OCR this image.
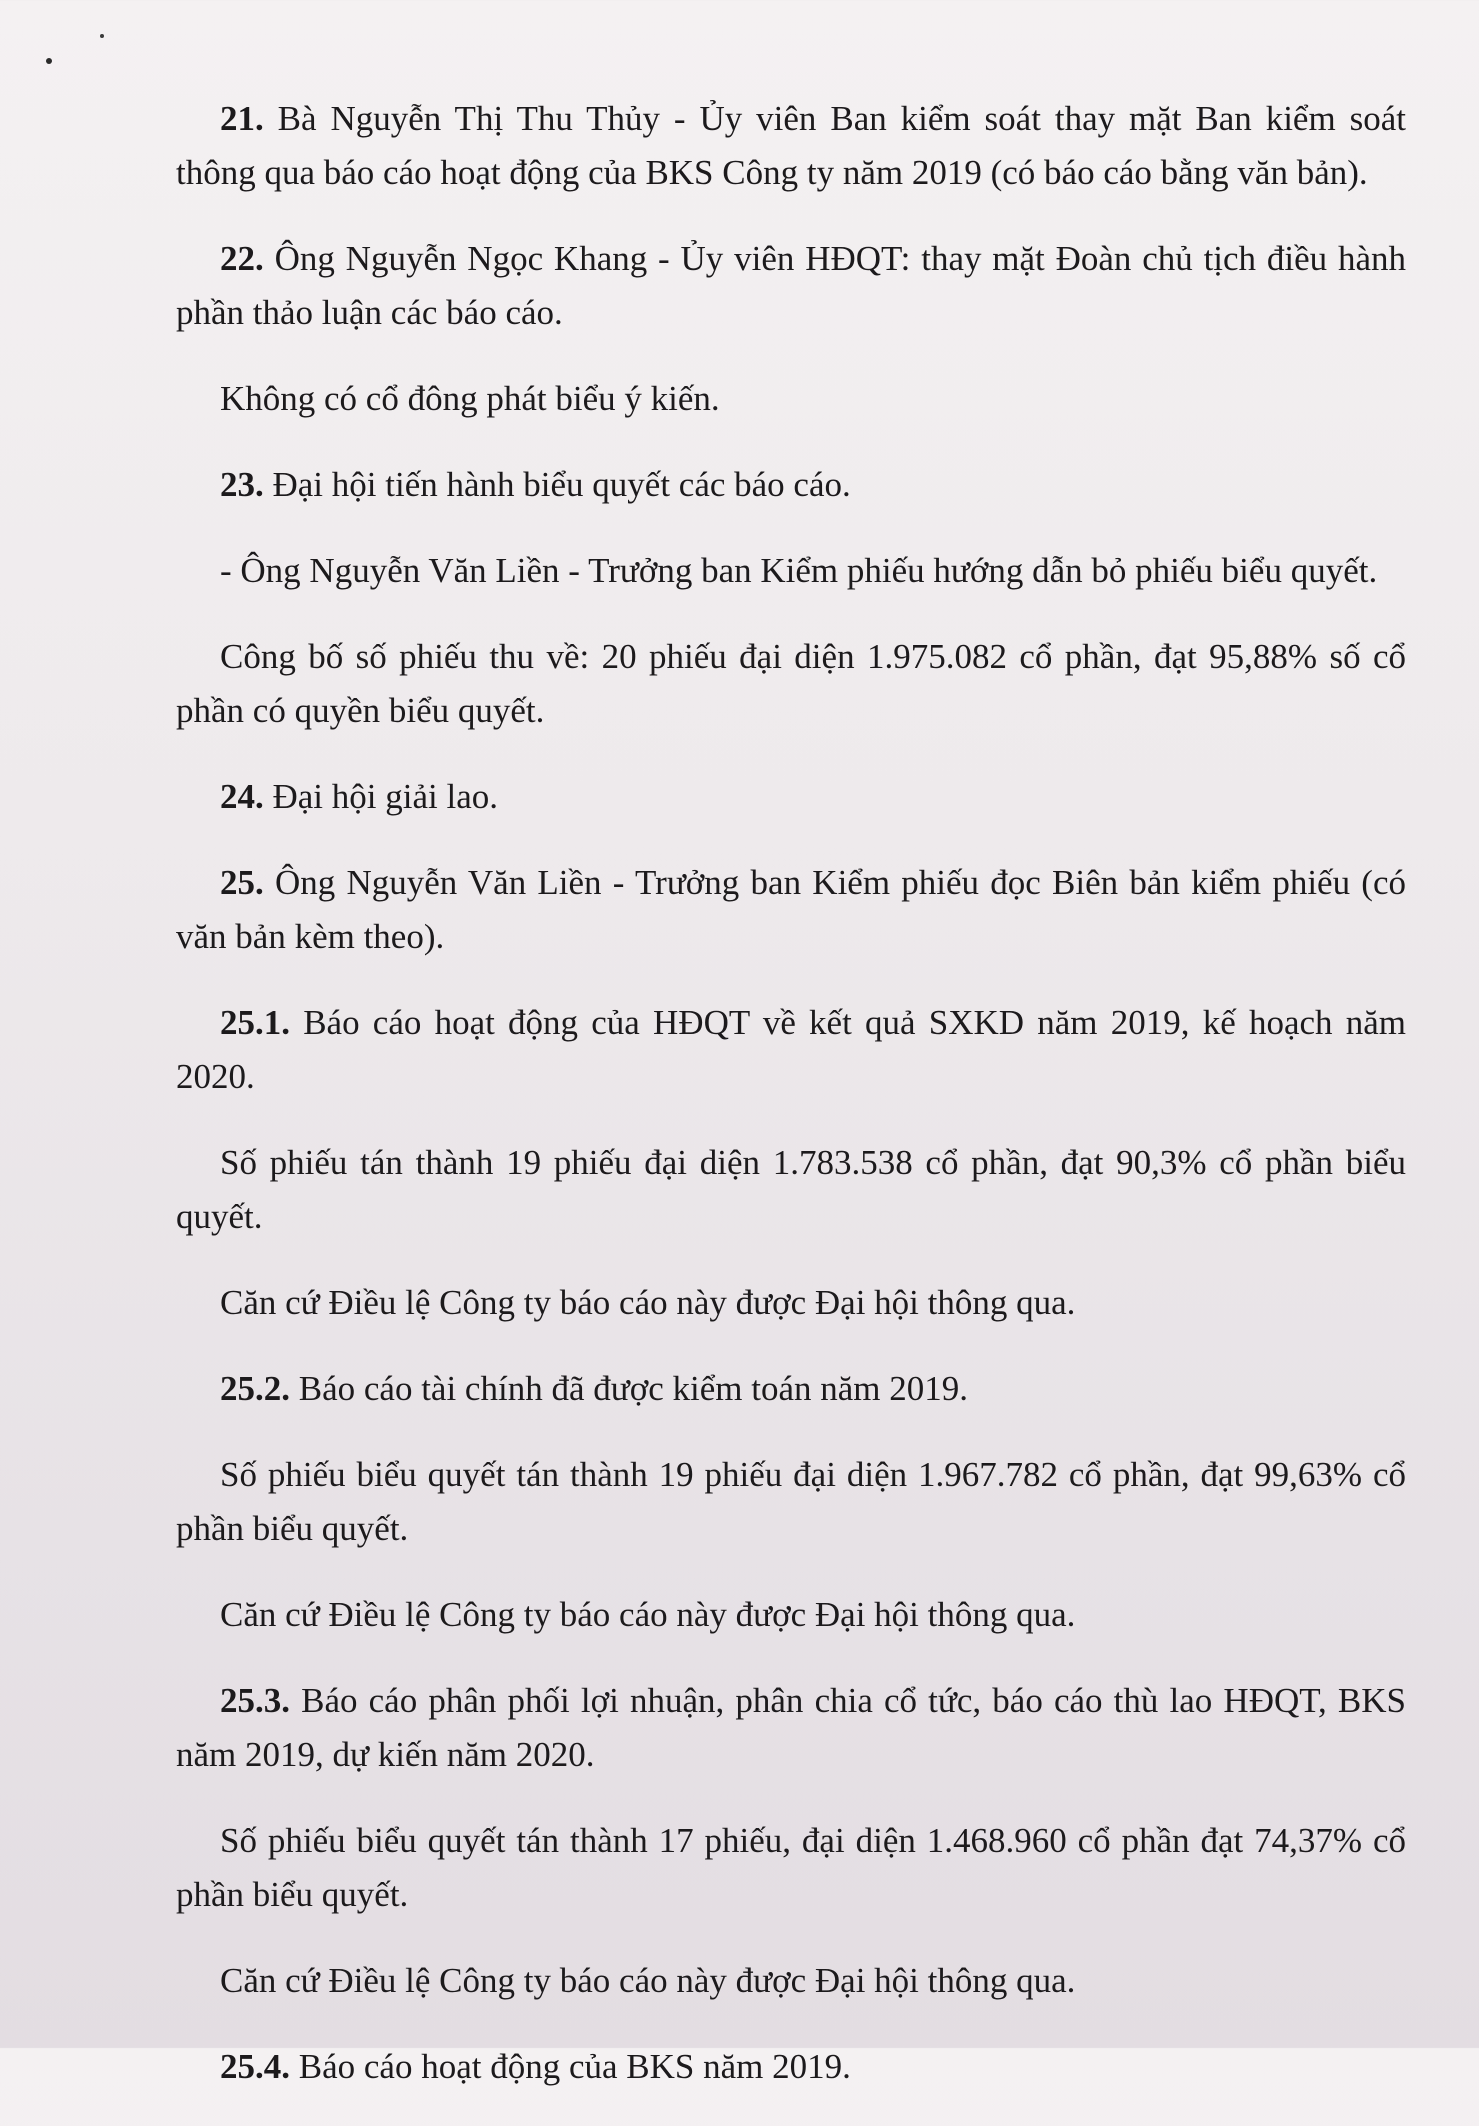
21. Bà Nguyễn Thị Thu Thủy - Ủy viên Ban kiểm soát thay mặt Ban kiểm soát thông qua báo cáo hoạt động của BKS Công ty năm 2019 (có báo cáo bằng văn bản).

22. Ông Nguyễn Ngọc Khang - Ủy viên HĐQT: thay mặt Đoàn chủ tịch điều hành phần thảo luận các báo cáo.

Không có cổ đông phát biểu ý kiến.

23. Đại hội tiến hành biểu quyết các báo cáo.

- Ông Nguyễn Văn Liền - Trưởng ban Kiểm phiếu hướng dẫn bỏ phiếu biểu quyết.

Công bố số phiếu thu về: 20 phiếu đại diện 1.975.082 cổ phần, đạt 95,88% số cổ phần có quyền biểu quyết.

24. Đại hội giải lao.

25. Ông Nguyễn Văn Liền - Trưởng ban Kiểm phiếu đọc Biên bản kiểm phiếu (có văn bản kèm theo).

25.1. Báo cáo hoạt động của HĐQT về kết quả SXKD năm 2019, kế hoạch năm 2020.

Số phiếu tán thành 19 phiếu đại diện 1.783.538 cổ phần, đạt 90,3% cổ phần biểu quyết.

Căn cứ Điều lệ Công ty báo cáo này được Đại hội thông qua.

25.2. Báo cáo tài chính đã được kiểm toán năm 2019.

Số phiếu biểu quyết tán thành 19 phiếu đại diện 1.967.782 cổ phần, đạt 99,63% cổ phần biểu quyết.

Căn cứ Điều lệ Công ty báo cáo này được Đại hội thông qua.

25.3. Báo cáo phân phối lợi nhuận, phân chia cổ tức, báo cáo thù lao HĐQT, BKS năm 2019, dự kiến năm 2020.

Số phiếu biểu quyết tán thành 17 phiếu, đại diện 1.468.960 cổ phần đạt 74,37% cổ phần biểu quyết.

Căn cứ Điều lệ Công ty báo cáo này được Đại hội thông qua.

25.4. Báo cáo hoạt động của BKS năm 2019.
